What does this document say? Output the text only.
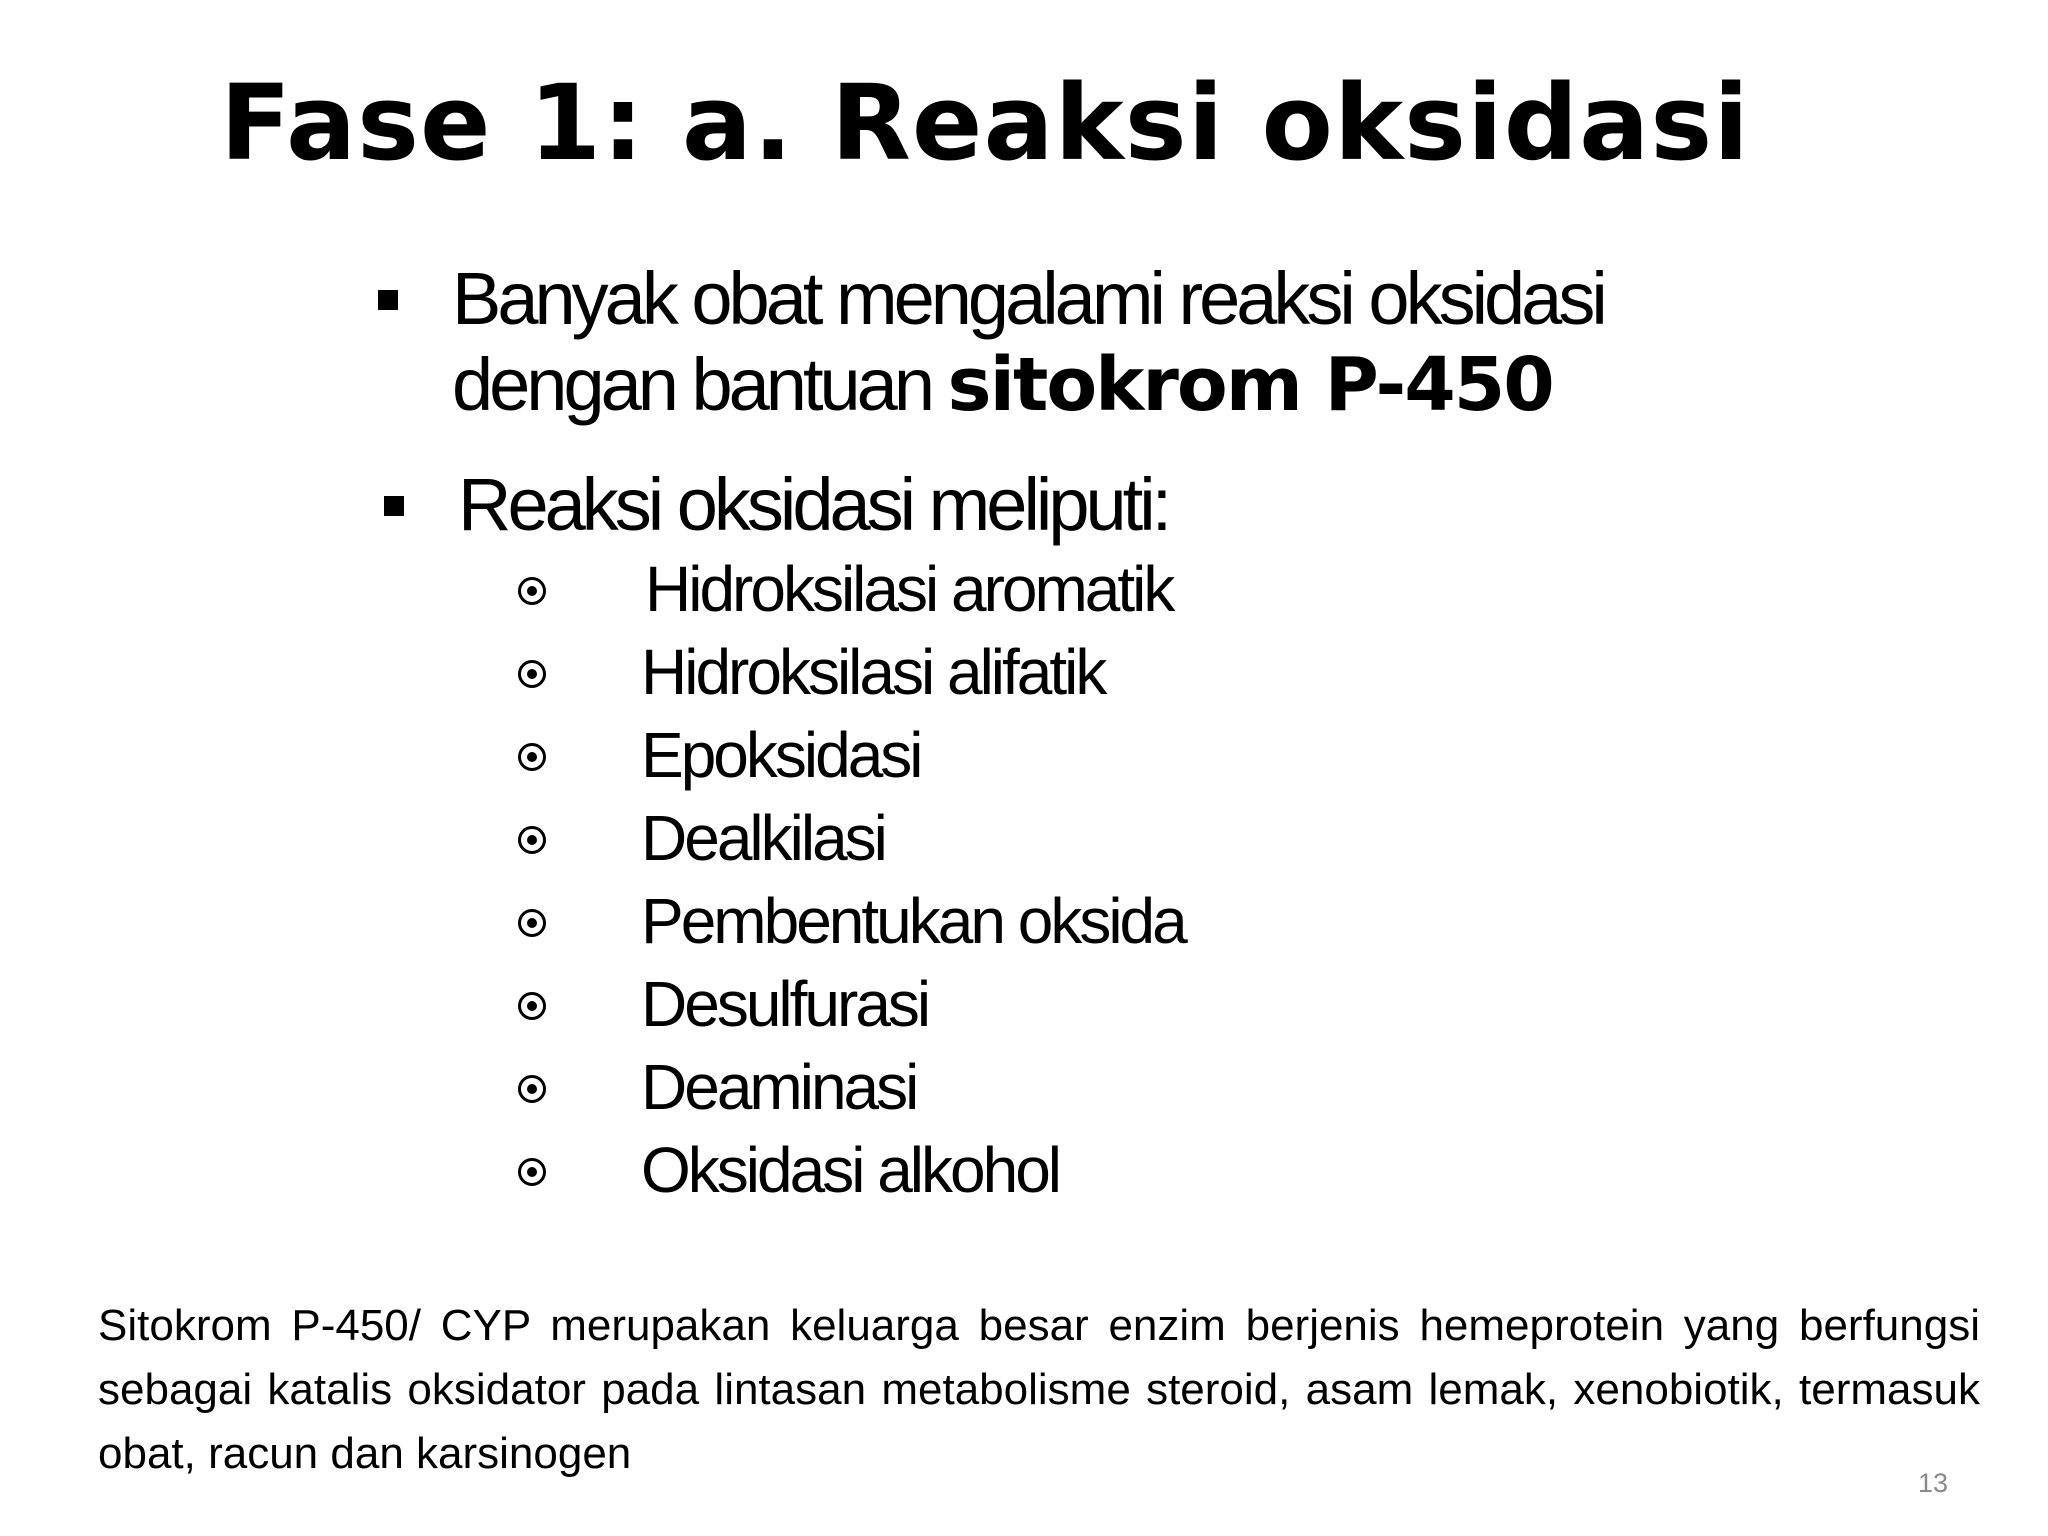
Fase 1: a. Reaksi oksidasi
Banyak obat mengalami reaksi oksidasi
dengan bantuan sitokrom P-450
Reaksi oksidasi meliputi:
Hidroksilasi aromatik
Hidroksilasi alifatik
Epoksidasi
Dealkilasi
Pembentukan oksida
Desulfurasi
Deaminasi
Oksidasi alkohol

Sitokrom P-450/ CYP merupakan keluarga besar enzim berjenis hemeprotein yang berfungsi sebagai katalis oksidator pada lintasan metabolisme steroid, asam lemak, xenobiotik, termasuk obat, racun dan karsinogen

13
